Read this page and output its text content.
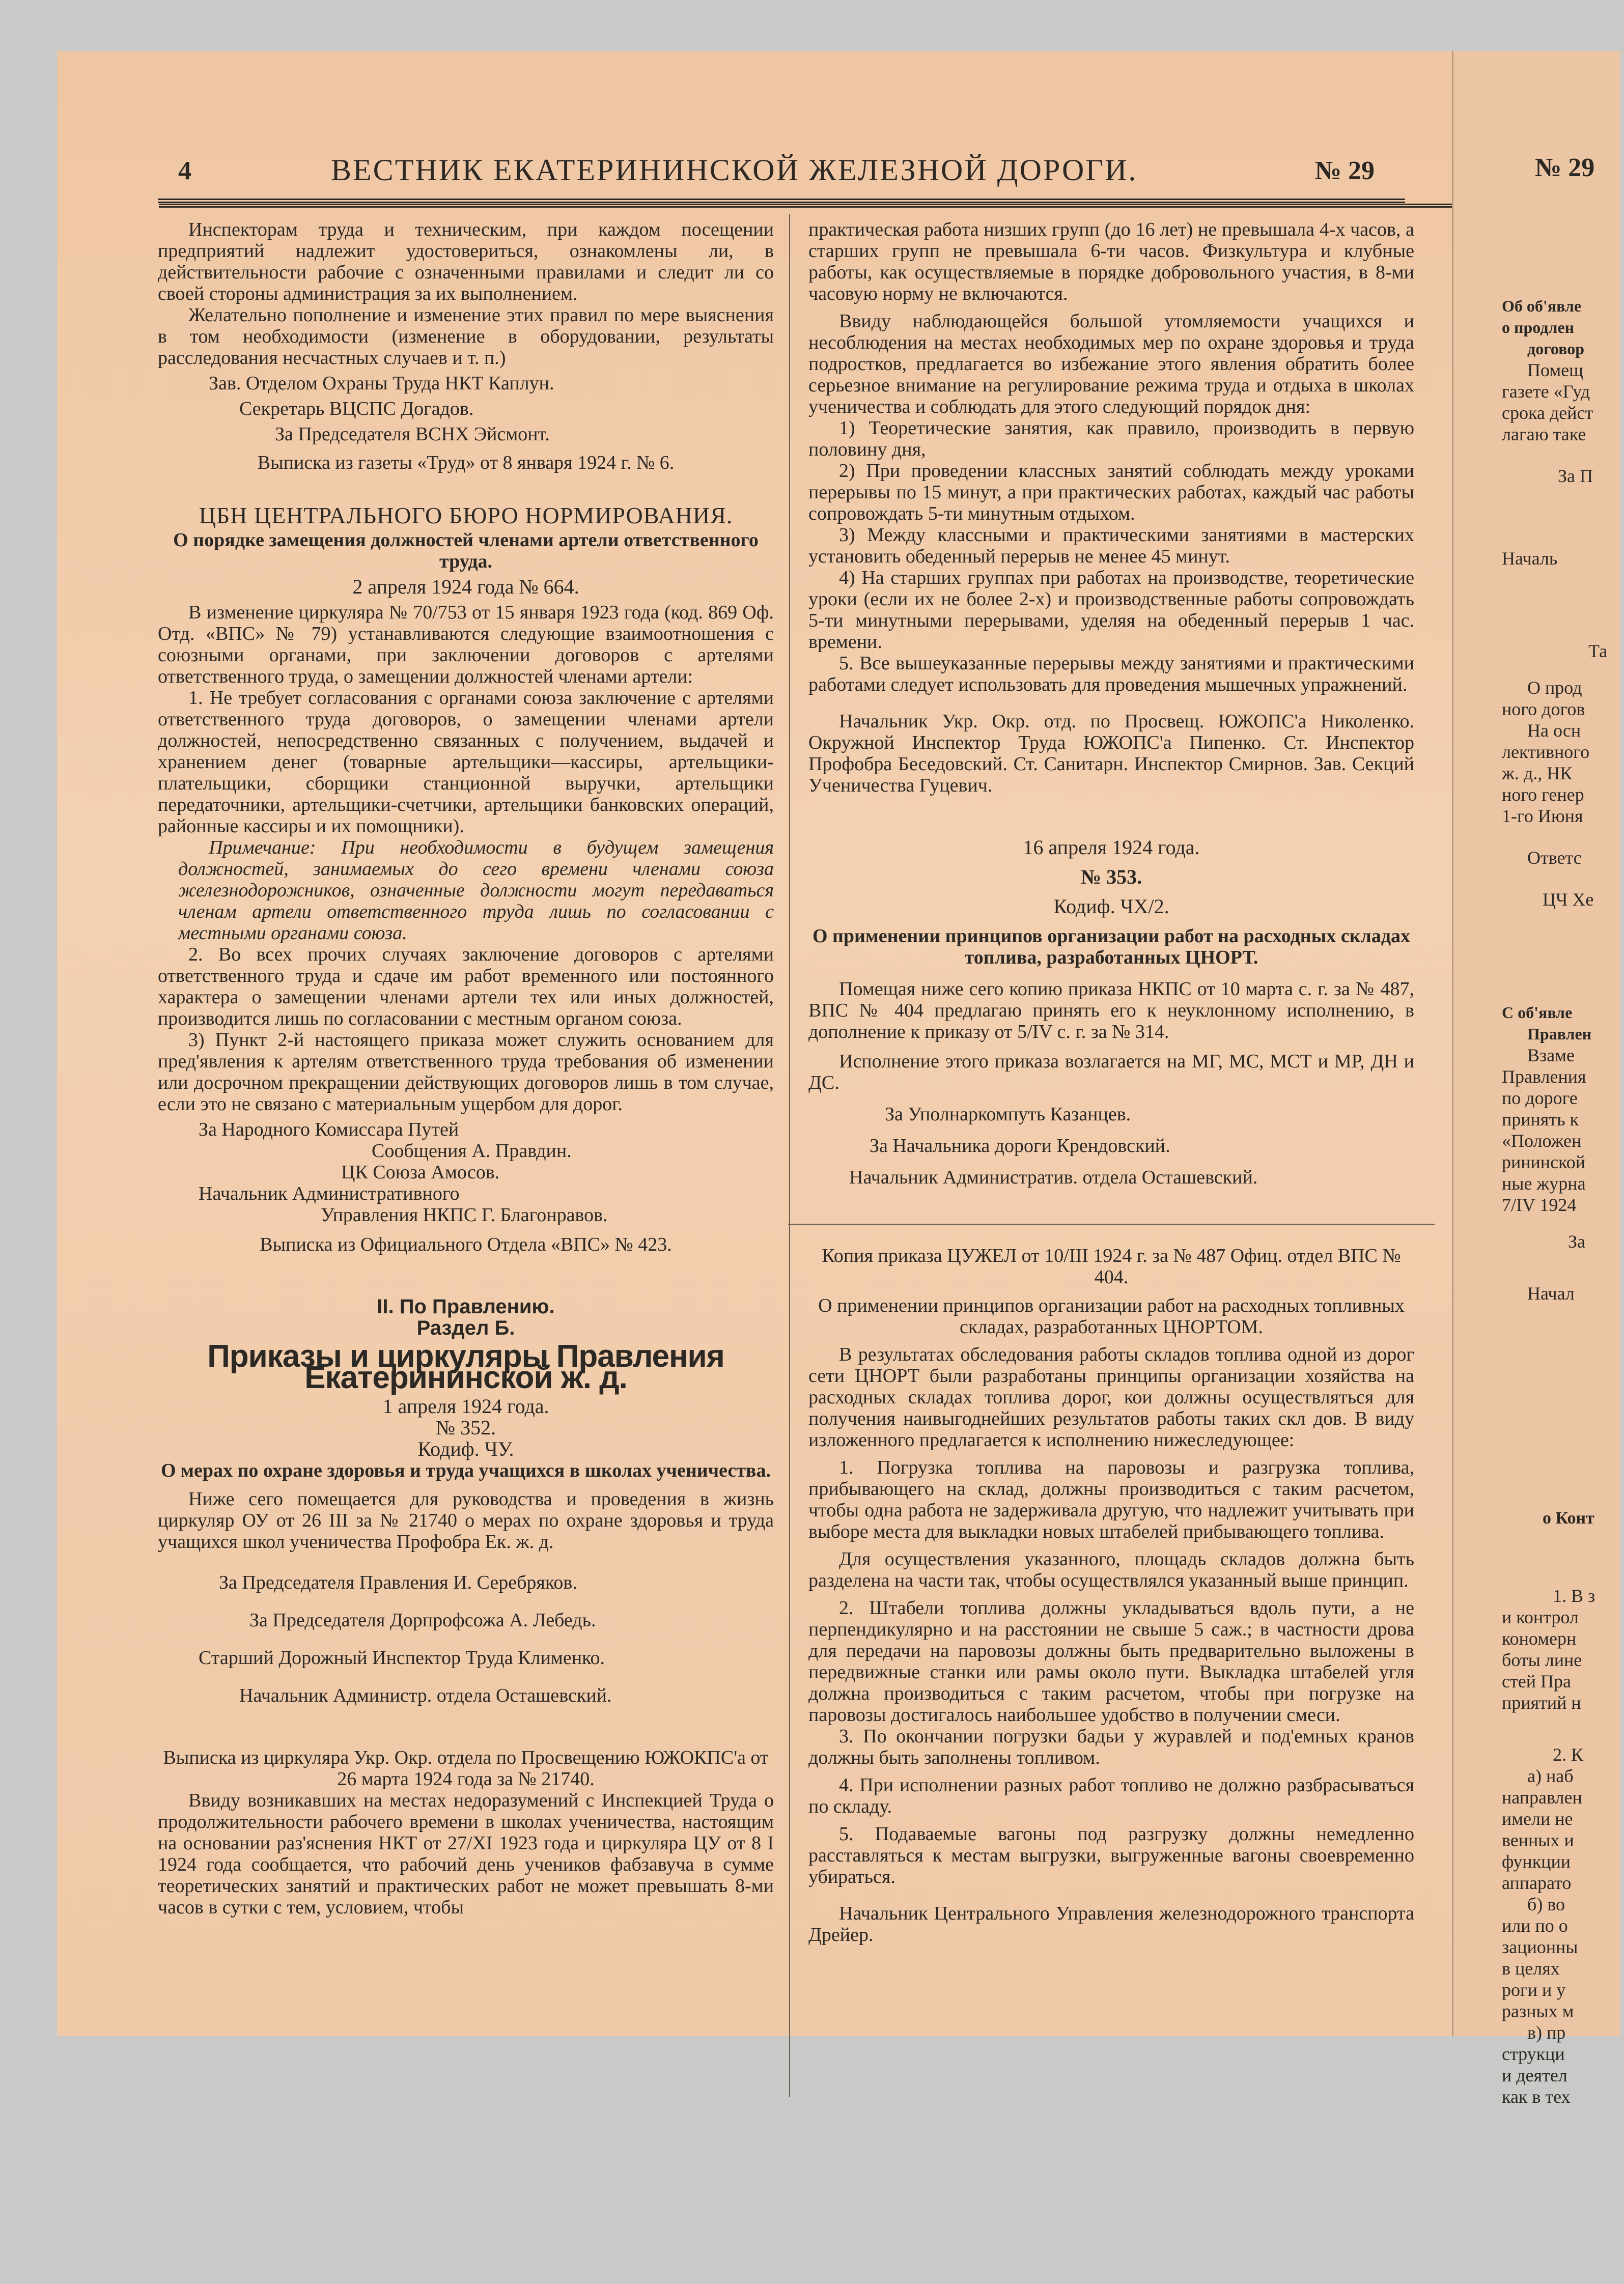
4	ВЕСТНИК ЕКАТЕРИНИНСКОЙ ЖЕЛЕЗНОЙ ДОРОГИ.	№ 29

Инспекторам труда и техническим, при каждом посещении предприятий надлежит удостовериться, ознакомлены ли, в действительности рабочие с означенными правилами и следит ли со своей стороны администрация за их выполнением.

Желательно пополнение и изменение этих правил по мере выяснения в том необходимости (изменение в оборудовании, результаты расследования несчастных случаев и т. п.)

Зав. Отделом Охраны Труда НКТ Каплун.

Секретарь ВЦСПС Догадов.

За Председателя ВСНХ Эйсмонт.

Выписка из газеты «Труд» от 8 января 1924 г. № 6.

ЦБН ЦЕНТРАЛЬНОГО БЮРО НОРМИРОВАНИЯ.

О порядке замещения должностей членами артели ответственного труда.

2 апреля 1924 года № 664.

В изменение циркуляра № 70/753 от 15 января 1923 года (код. 869 Оф. Отд. «ВПС» № 79) устанавливаются следующие взаимоотношения с союзными органами, при заключении договоров с артелями ответственного труда, о замещении должностей членами артели:

1. Не требует согласования с органами союза заключение с артелями ответственного труда договоров, о замещении членами артели должностей, непосредственно связанных с получением, выдачей и хранением денег (товарные артельщики—кассиры, артельщики-плательщики, сборщики станционной выручки, артельщики передаточники, артельщики-счетчики, артельщики банковских операций, районные кассиры и их помощники).

Примечание: При необходимости в будущем замещения должностей, занимаемых до сего времени членами союза железнодорожников, означенные должности могут передаваться членам артели ответственного труда лишь по согласовании с местными органами союза.

2. Во всех прочих случаях заключение договоров с артелями ответственного труда и сдаче им работ временного или постоянного характера о замещении членами артели тех или иных должностей, производится лишь по согласовании с местным органом союза.

3) Пункт 2-й настоящего приказа может служить основанием для пред'явления к артелям ответственного труда требования об изменении или досрочном прекращении действующих договоров лишь в том случае, если это не связано с материальным ущербом для дорог.

За Народного Комиссара Путей

Сообщения А. Правдин.

ЦК Союза Амосов.

Начальник Административного

Управления НКПС Г. Благонравов.

Выписка из Официального Отдела «ВПС» № 423.

II. По Правлению.

Раздел Б.

Приказы и циркуляры Правления Екатерининской ж. д.

1 апреля 1924 года.

№ 352.

Кодиф. ЧУ.

О мерах по охране здоровья и труда учащихся в школах ученичества.

Ниже сего помещается для руководства и проведения в жизнь циркуляр ОУ от 26 III за № 21740 о мерах по охране здоровья и труда учащихся школ ученичества Профобра Ек. ж. д.

За Председателя Правления И. Серебряков.

За Председателя Дорпрофсожа А. Лебедь.

Старший Дорожный Инспектор Труда Клименко.

Начальник Администр. отдела Осташевский.

Выписка из циркуляра Укр. Окр. отдела по Просвещению ЮЖОКПС'а от 26 марта 1924 года за № 21740.

Ввиду возникавших на местах недоразумений с Инспекцией Труда о продолжительности рабочего времени в школах ученичества, настоящим на основании раз'яснения НКТ от 27/XI 1923 года и циркуляра ЦУ от 8 I 1924 года сообщается, что рабочий день учеников фабзавуча в сумме теоретических занятий и практических работ не может превышать 8-ми часов в сутки с тем, условием, чтобы

практическая работа низших групп (до 16 лет) не превышала 4-х часов, а старших групп не превышала 6-ти часов. Физкультура и клубные работы, как осуществляемые в порядке добровольного участия, в 8-ми часовую норму не включаются.

Ввиду наблюдающейся большой утомляемости учащихся и несоблюдения на местах необходимых мер по охране здоровья и труда подростков, предлагается во избежание этого явления обратить более серьезное внимание на регулирование режима труда и отдыха в школах ученичества и соблюдать для этого следующий порядок дня:

1) Теоретические занятия, как правило, производить в первую половину дня,

2) При проведении классных занятий соблюдать между уроками перерывы по 15 минут, а при практических работах, каждый час работы сопровождать 5-ти минутным отдыхом.

3) Между классными и практическими занятиями в мастерских установить обеденный перерыв не менее 45 минут.

4) На старших группах при работах на производстве, теоретические уроки (если их не более 2-х) и производственные работы сопровождать 5-ти минутными перерывами, уделяя на обеденный перерыв 1 час. времени.

5. Все вышеуказанные перерывы между занятиями и практическими работами следует использовать для проведения мышечных упражнений.

Начальник Укр. Окр. отд. по Просвещ. ЮЖОПС'а Николенко. Окружной Инспектор Труда ЮЖОПС'а Пипенко. Ст. Инспектор Профобра Беседовский. Ст. Санитарн. Инспектор Смирнов. Зав. Секций Ученичества Гуцевич.

16 апреля 1924 года.

№ 353.

Кодиф. ЧХ/2.

О применении принципов организации работ на расходных складах топлива, разработанных ЦНОРТ.

Помещая ниже сего копию приказа НКПС от 10 марта с. г. за № 487, ВПС № 404 предлагаю принять его к неуклонному исполнению, в дополнение к приказу от 5/IV с. г. за № 314.

Исполнение этого приказа возлагается на МГ, МС, МСТ и МР, ДН и ДС.

За Уполнаркомпуть Казанцев.

За Начальника дороги Крендовский.

Начальник Административ. отдела Осташевский.

Копия приказа ЦУЖЕЛ от 10/III 1924 г. за № 487 Офиц. отдел ВПС № 404.

О применении принципов организации работ на расходных топливных складах, разработанных ЦНОРТОМ.

В результатах обследования работы складов топлива одной из дорог сети ЦНОРТ были разработаны принципы организации хозяйства на расходных складах топлива дорог, кои должны осуществляться для получения наивыгоднейших результатов работы таких скл дов. В виду изложенного предлагается к исполнению нижеследующее:

1. Погрузка топлива на паровозы и разгрузка топлива, прибывающего на склад, должны производиться с таким расчетом, чтобы одна работа не задерживала другую, что надлежит учитывать при выборе места для выкладки новых штабелей прибывающего топлива.

Для осуществления указанного, площадь складов должна быть разделена на части так, чтобы осуществлялся указанный выше принцип.

2. Штабели топлива должны укладываться вдоль пути, а не перпендикулярно и на расстоянии не свыше 5 саж.; в частности дрова для передачи на паровозы должны быть предварительно выложены в передвижные станки или рамы около пути. Выкладка штабелей угля должна производиться с таким расчетом, чтобы при погрузке на паровозы достигалось наибольшее удобство в получении смеси.

3. По окончании погрузки бадьи у журавлей и под'емных кранов должны быть заполнены топливом.

4. При исполнении разных работ топливо не должно разбрасываться по складу.

5. Подаваемые вагоны под разгрузку должны немедленно расставляться к местам выгрузки, выгруженные вагоны своевременно убираться.

Начальник Центрального Управления железнодорожного транспорта Дрейер.

№ 29
Об об'явле
о продлен
договор
Помещ
газете «Гуд
срока дейст
лагаю таке
За П
Началь
Та
О прод
ного догов
На осн
лективного
ж. д., НК
ного генер
1-го Июня
Ответс
ЦЧ Хе
С об'явле
Правлен
Взаме
Правления
по дороге
принять к
«Положен
рининской
ные журна
7/IV 1924
За
Начал
о Конт
1. В з
и контрол
кономерн
боты лине
стей Пра
приятий н
2. К
а) наб
направлен
имели не
венных и
функции
аппарато
б) во
или по о
зационны
в целях
роги и у
разных м
в) пр
струкци
и деятел
как в тех
